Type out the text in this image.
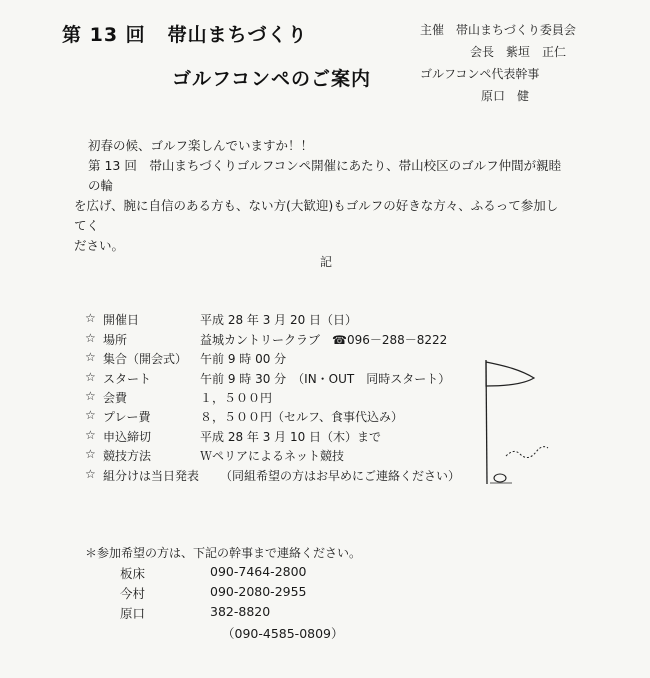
第 13 回 帯山まちづくり
ゴルフコンペのご案内
主催 帯山まちづくり委員会
会長 紫垣　正仁
ゴルフコンペ代表幹事
原口　健

初春の候、ゴルフ楽しんでいますか！！

第 13 回　帯山まちづくりゴルフコンペ開催にあたり、帯山校区のゴルフ仲間が親睦の輪

を広げ、腕に自信のある方も、ない方(大歓迎)もゴルフの好きな方々、ふるって参加してく

ださい。

記
☆ 開催日	平成 28 年 3 月 20 日（日）
☆ 場所	益城カントリークラブ　☎096－288－8222
☆ 集合（開会式） 午前 9 時 00 分
☆ スタート	午前 9 時 30 分　（IN・OUT　同時スタート）
☆ 会費	１，５００円
☆ プレー費	８，５００円（セルフ、食事代込み）
☆ 申込締切	平成 28 年 3 月 10 日（木）まで
☆ 競技方法	Ｗペリアによるネット競技
☆ 組分けは当日発表 （同組希望の方はお早めにご連絡ください）
＊参加希望の方は、下記の幹事まで連絡ください。
板床	090-7464-2800
今村	090-2080-2955
原口	382-8820
（090-4585-0809）
